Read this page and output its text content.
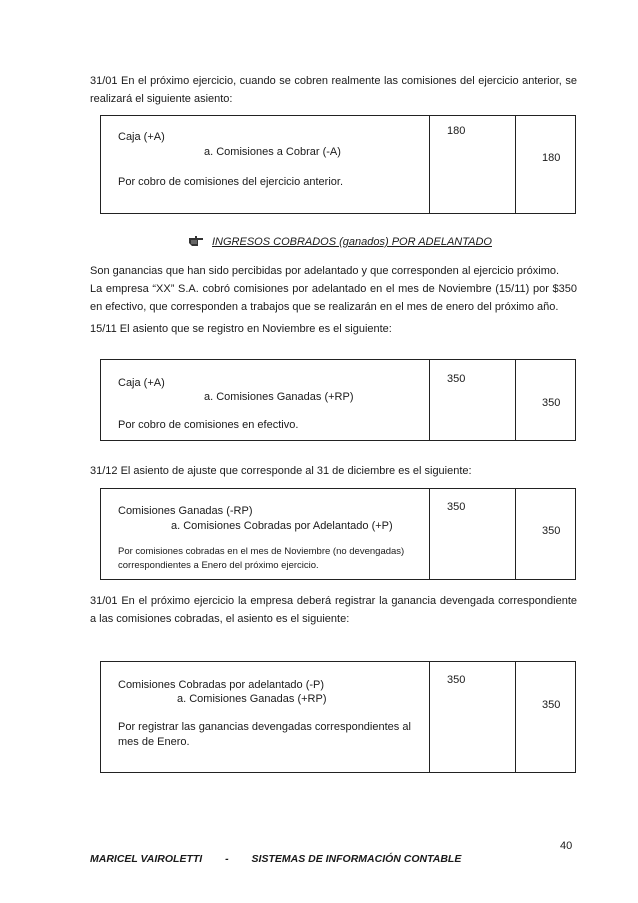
31/01 En el próximo ejercicio, cuando se cobren realmente las comisiones del ejercicio anterior, se realizará el siguiente asiento:

Caja (+A)
a. Comisiones a Cobrar (-A)
Por cobro de comisiones del ejercicio anterior.
180
180
INGRESOS COBRADOS (ganados) POR ADELANTADO

Son ganancias que han sido percibidas por adelantado y que corresponden al ejercicio próximo.

La empresa “XX” S.A. cobró comisiones por adelantado en el mes de Noviembre (15/11) por $350 en efectivo, que corresponden a trabajos que se realizarán en el mes de enero del próximo año.

15/11 El asiento que se registro en Noviembre es el siguiente:

Caja (+A)
a. Comisiones Ganadas (+RP)
Por cobro de comisiones en efectivo.
350
350

31/12 El asiento de ajuste que corresponde al 31 de diciembre es el siguiente:

Comisiones Ganadas (-RP)
a. Comisiones Cobradas por Adelantado (+P)
Por comisiones cobradas en el mes de Noviembre (no devengadas)
correspondientes a Enero del próximo ejercicio.
350
350

31/01 En el próximo ejercicio la empresa deberá registrar la ganancia devengada correspondiente a las comisiones cobradas, el asiento es el siguiente:

Comisiones Cobradas por adelantado (-P)
a. Comisiones Ganadas (+RP)
Por registrar las ganancias devengadas correspondientes al
mes de Enero.
350
350
40
MARICEL VAIROLETTI - SISTEMAS DE INFORMACIÓN CONTABLE
